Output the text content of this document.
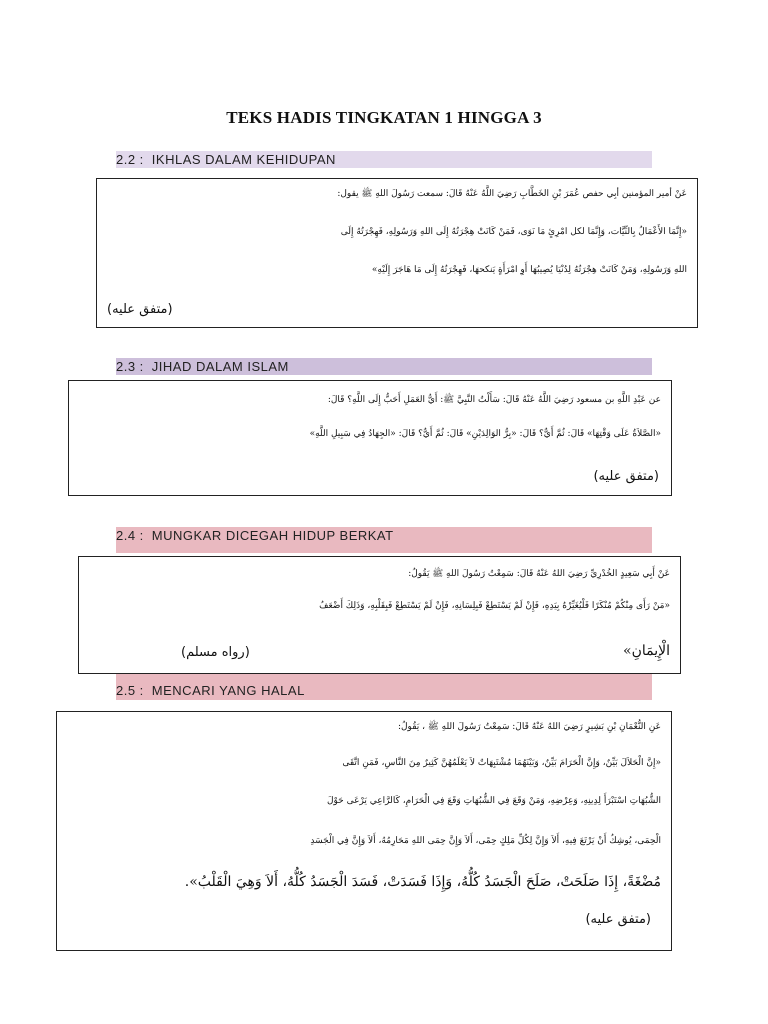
TEKS HADIS TINGKATAN 1 HINGGA 3
2.2 : IKHLAS DALAM KEHIDUPAN
عَنْ أمير المؤمنين أبِي حفص عُمَرَ بْنِ الخَطَّابِ رَضِيَ اللَّهُ عَنْهُ قَالَ: سمعت رَسُولَ اللهِ ﷺ يقول:
«إِنَّمَا الأَعْمَالُ بِالنِّيَّات، وَإِنَّمَا لكل امْرِئٍ مَا نَوَى، فَمَنْ كَانَتْ هِجْرَتُهُ إِلَى اللهِ وَرَسُولِهِ، فَهِجْرَتُهُ إِلَى
اللهِ وَرَسُولِهِ، وَمَنْ كَانَتْ هِجْرَتُهُ لِدُنْيَا يُصِيبُهَا أَوِ امْرَأَةٍ يَنكحهَا، فَهِجْرَتُهُ إِلَى مَا هَاجَرَ إِلَيْهِ»
(متفق عليه)
2.3 : JIHAD DALAM ISLAM
عن عَبْدِ اللَّهِ بن مسعود رَضِيَ اللَّهُ عَنْهُ قَالَ: سَأَلْتُ النَّبِيَّ ﷺ: أَيُّ العَمَلِ أَحَبُّ إِلَى اللَّهِ؟ قَالَ:
«الصَّلاَةُ عَلَى وَقْتِهَا» قَالَ: ثُمَّ أَيٌّ؟ قَالَ: «بِرُّ الوَالِدَيْنِ» قَالَ: ثُمَّ أَيٌّ؟ قَالَ: «الجِهَادُ فِي سَبِيلِ اللَّهِ»
(متفق عليه)
2.4 : MUNGKAR DICEGAH HIDUP BERKAT
عَنْ أَبِي سَعِيدٍ الخُدْرِيِّ رَضِيَ اللهُ عَنْهُ قَالَ: سَمِعْتُ رَسُولَ اللهِ ﷺ يَقُولُ:
«مَنْ رَأَى مِنْكُمْ مُنْكَرًا فَلْيُغَيِّرْهُ بِيَدِهِ، فَإِنْ لَمْ يَسْتَطِعْ فَبِلِسَانِهِ، فَإِنْ لَمْ يَسْتَطِعْ فَبِقَلْبِهِ، وَذَلِكَ أَضْعَفُ
الْإِيمَانِ»
(رواه مسلم)
2.5 : MENCARI YANG HALAL
عَنِ النُّعْمَانِ بْنِ بَشِيرٍ رَضِيَ اللهُ عَنْهُ قَالَ: سَمِعْتُ رَسُولَ اللهِ ﷺ ، يَقُولُ:
«إِنَّ الْحَلاَلَ بَيِّنٌ، وَإِنَّ الْحَرَامَ بَيِّنٌ، وَبَيْنَهُمَا مُشْتَبِهَاتٌ لاَ يَعْلَمُهُنَّ كَثِيرٌ مِنَ النَّاسِ، فَمَنِ اتَّقَى
الشُّبُهَاتِ اسْتَبْرَأَ لِدِينِهِ، وَعِرْضِهِ، وَمَنْ وَقَعَ فِي الشُّبُهَاتِ وَقَعَ فِي الْحَرَامِ، كَالرَّاعِي يَرْعَى حَوْلَ
الْحِمَى، يُوشِكُ أَنْ يَرْتَعَ فِيهِ، أَلاَ وَإِنَّ لِكُلِّ مَلِكٍ حِمًى، أَلاَ وَإِنَّ حِمَى اللهِ مَحَارِمُهُ، أَلاَ وَإِنَّ فِي الْجَسَدِ
مُضْغَةً، إِذَا صَلَحَتْ، صَلَحَ الْجَسَدُ كُلُّهُ، وَإِذَا فَسَدَتْ، فَسَدَ الْجَسَدُ كُلُّهُ، أَلاَ وَهِيَ الْقَلْبُ».
(متفق عليه)
